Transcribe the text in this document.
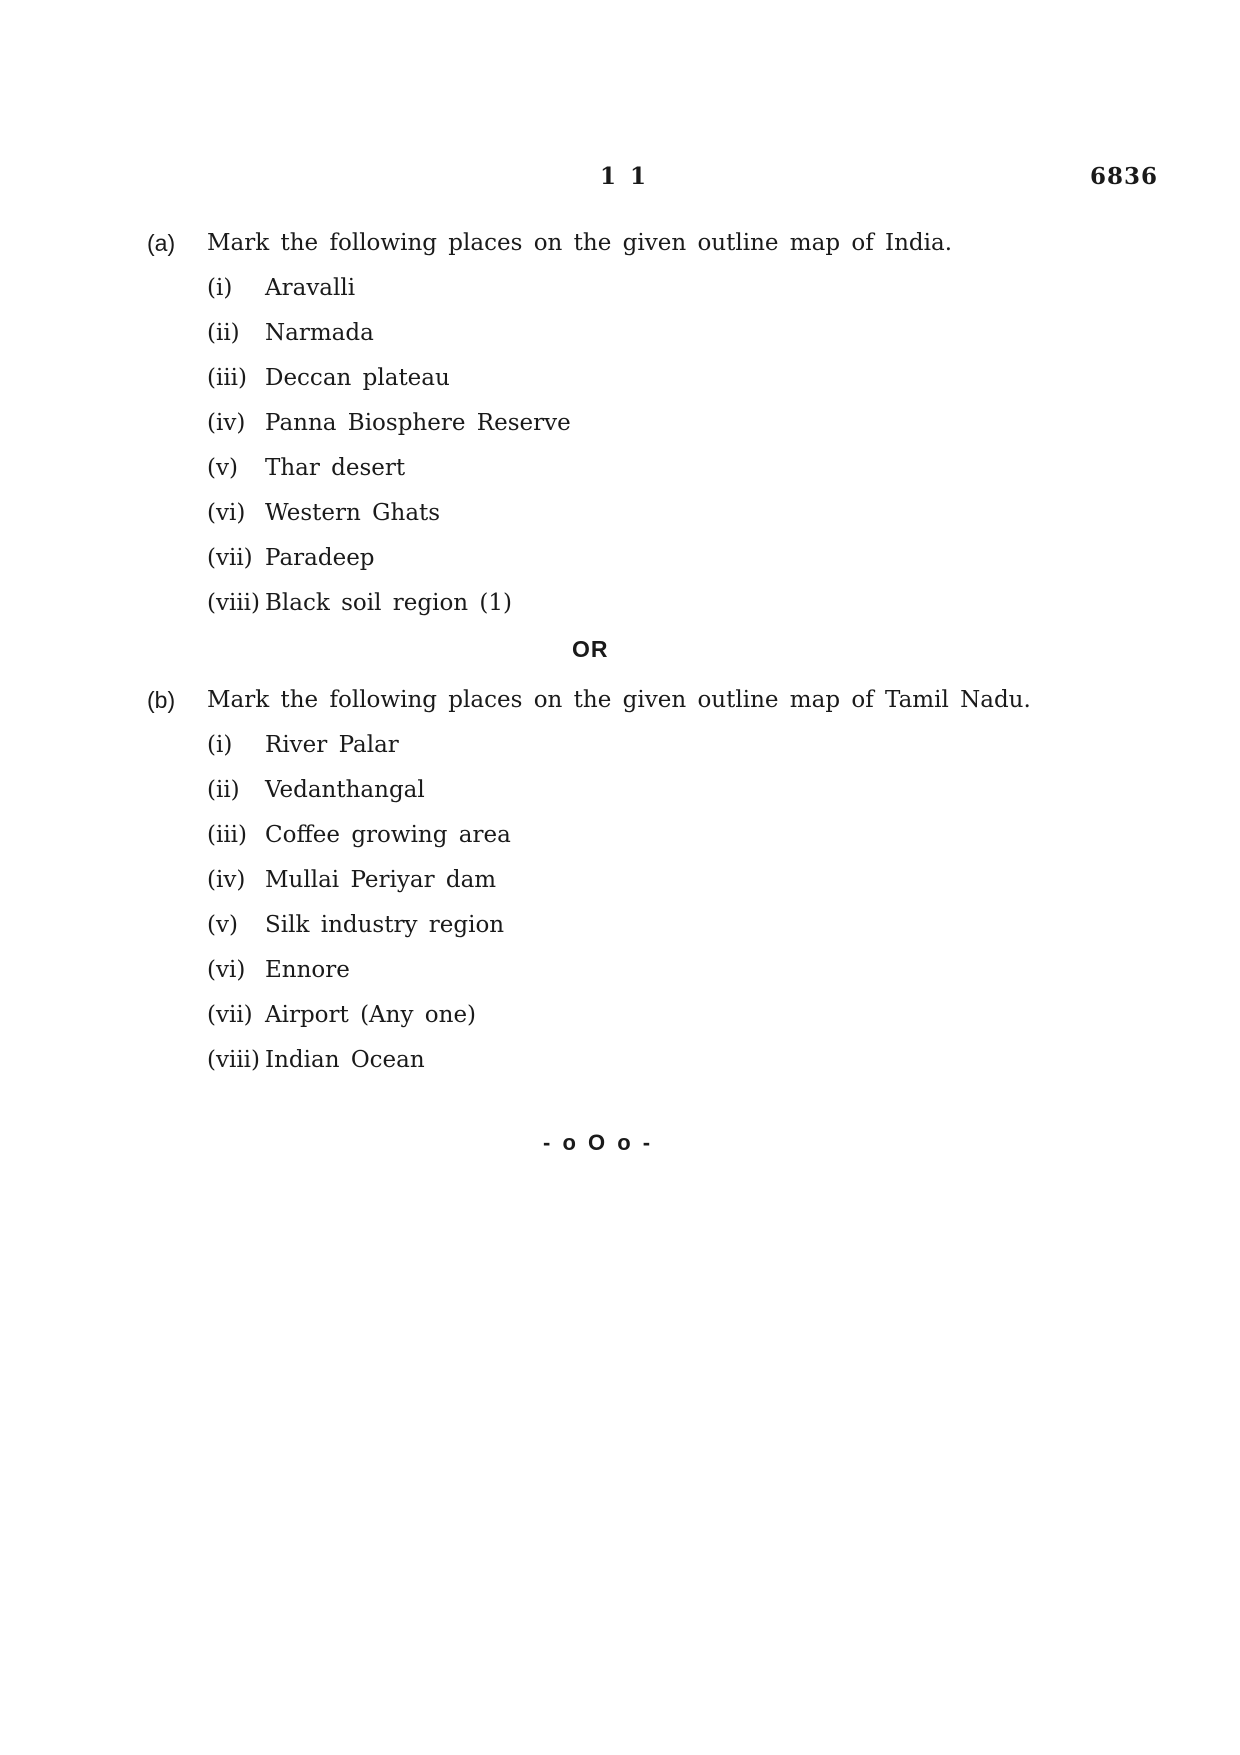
1 1	6836
(a) Mark the following places on the given outline map of India.
(i) Aravalli
(ii) Narmada
(iii) Deccan plateau
(iv) Panna Biosphere Reserve
(v) Thar desert
(vi) Western Ghats
(vii) Paradeep
(viii) Black soil region (1)
OR
(b) Mark the following places on the given outline map of Tamil Nadu.
(i) River Palar
(ii) Vedanthangal
(iii) Coffee growing area
(iv) Mullai Periyar dam
(v) Silk industry region
(vi) Ennore
(vii) Airport (Any one)
(viii) Indian Ocean
- o O o -
